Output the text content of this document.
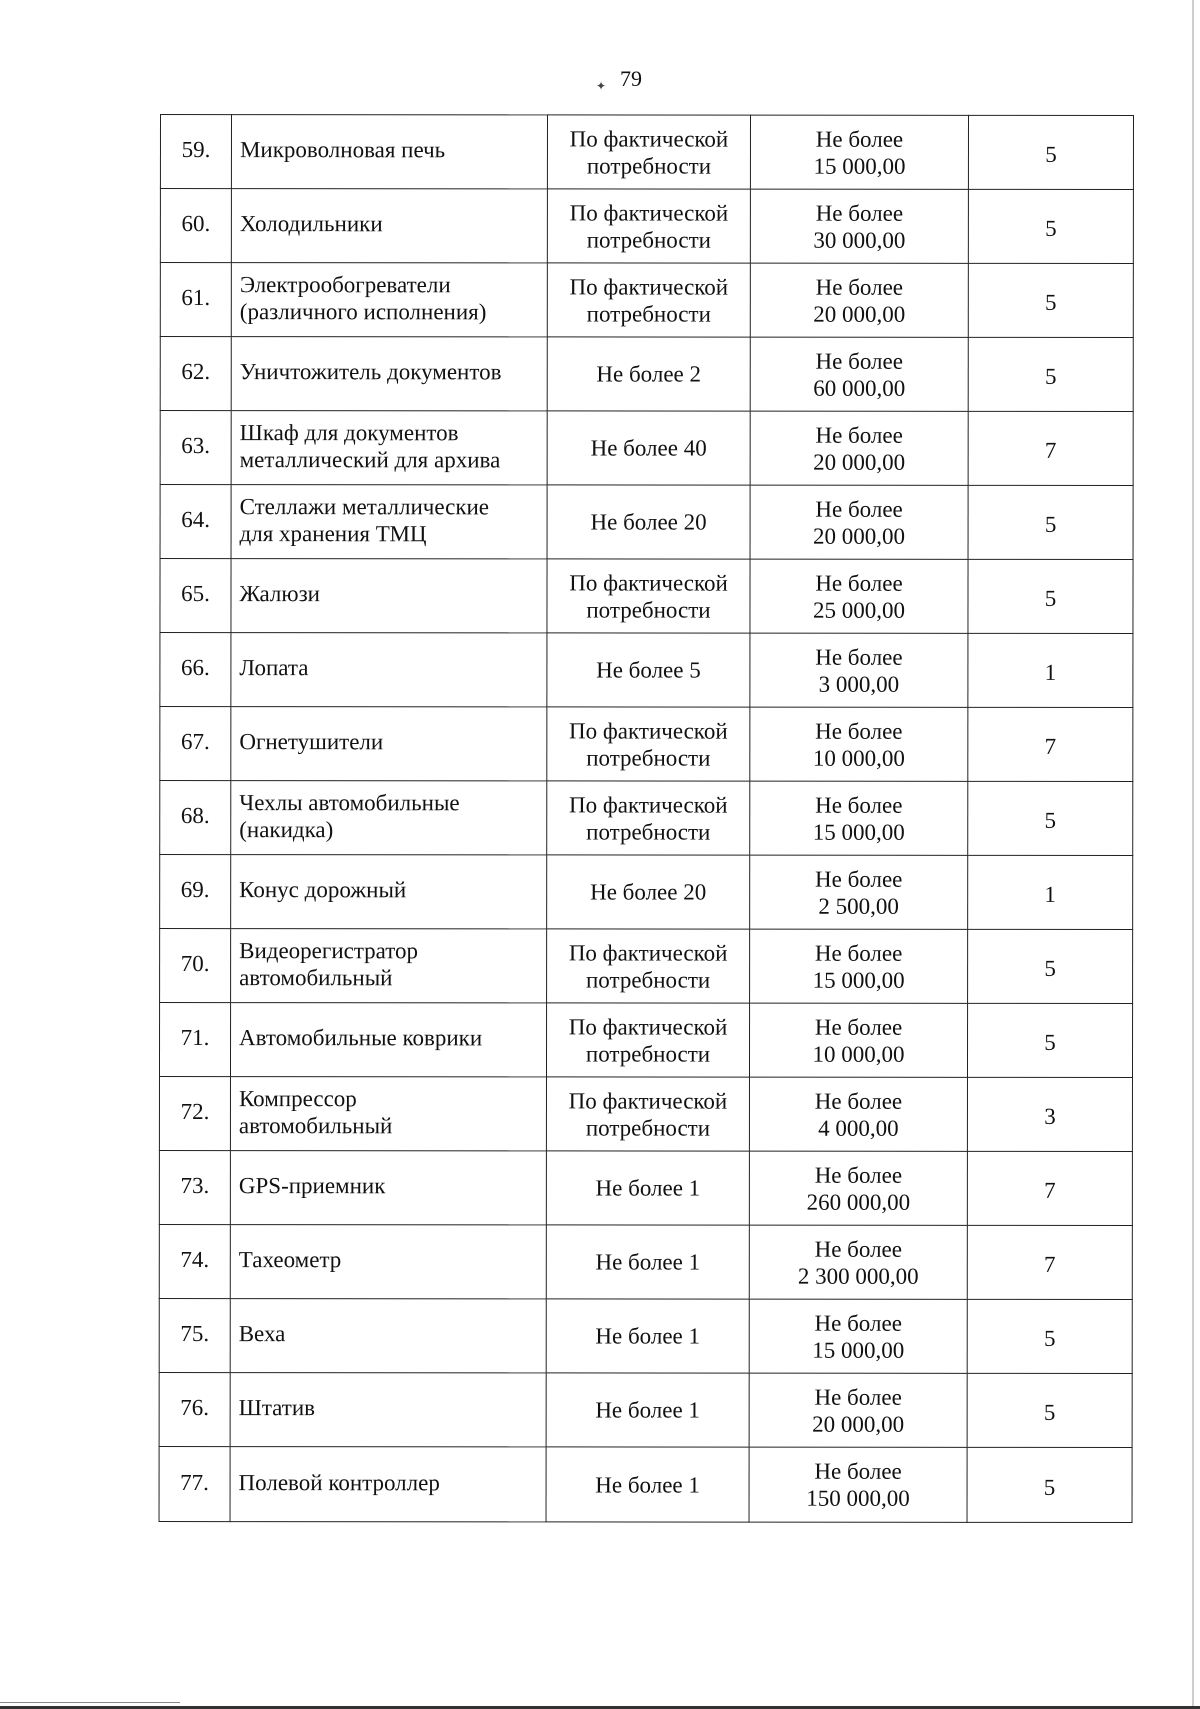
79
✦
59.	Микроволновая печь	По фактической
потребности	Не более
15 000,00	5

60.	Холодильники	По фактической
потребности	Не более
30 000,00	5

61.	Электрообогреватели
(различного исполнения)	По фактической
потребности	Не более
20 000,00	5

62.	Уничтожитель документов	Не более 2	Не более
60 000,00	5

63.	Шкаф для документов
металлический для архива	Не более 40	Не более
20 000,00	7

64.	Стеллажи металлические
для хранения ТМЦ	Не более 20	Не более
20 000,00	5

65.	Жалюзи	По фактической
потребности	Не более
25 000,00	5

66.	Лопата	Не более 5	Не более
3 000,00	1

67.	Огнетушители	По фактической
потребности	Не более
10 000,00	7

68.	Чехлы автомобильные
(накидка)	По фактической
потребности	Не более
15 000,00	5

69.	Конус дорожный	Не более 20	Не более
2 500,00	1

70.	Видеорегистратор
автомобильный	По фактической
потребности	Не более
15 000,00	5

71.	Автомобильные коврики	По фактической
потребности	Не более
10 000,00	5

72.	Компрессор
автомобильный	По фактической
потребности	Не более
4 000,00	3

73.	GPS-приемник	Не более 1	Не более
260 000,00	7

74.	Тахеометр	Не более 1	Не более
2 300 000,00	7

75.	Веха	Не более 1	Не более
15 000,00	5

76.	Штатив	Не более 1	Не более
20 000,00	5

77.	Полевой контроллер	Не более 1	Не более
150 000,00	5
